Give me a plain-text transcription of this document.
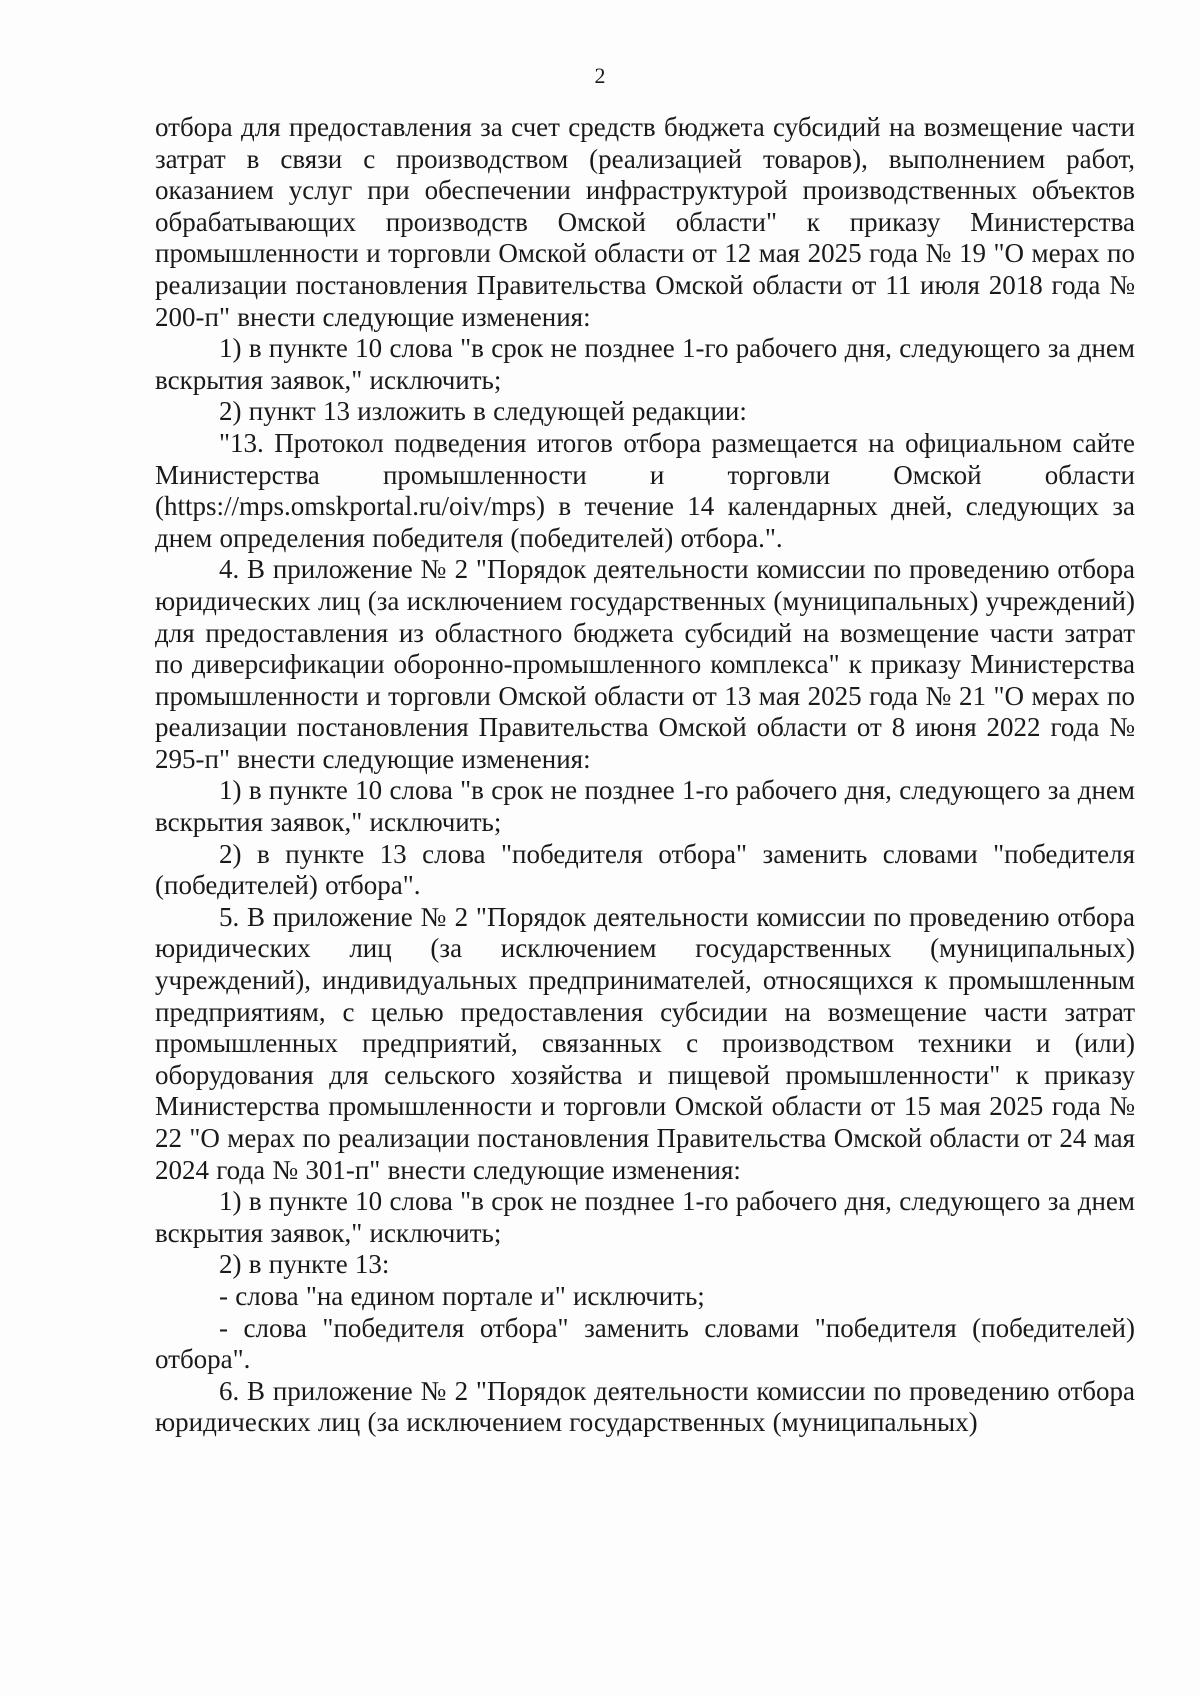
2

отбора для предоставления за счет средств бюджета субсидий на возмещение части затрат в связи с производством (реализацией товаров), выполнением работ, оказанием услуг при обеспечении инфраструктурой производственных объектов обрабатывающих производств Омской области" к приказу Министерства промышленности и торговли Омской области от 12 мая 2025 года № 19 "О мерах по реализации постановления Правительства Омской области от 11 июля 2018 года № 200-п" внести следующие изменения:

1) в пункте 10 слова "в срок не позднее 1-го рабочего дня, следующего за днем вскрытия заявок," исключить;

2) пункт 13 изложить в следующей редакции:

"13. Протокол подведения итогов отбора размещается на официальном сайте Министерства промышленности и торговли Омской области (https://mps.omskportal.ru/oiv/mps) в течение 14 календарных дней, следующих за днем определения победителя (победителей) отбора.".

4. В приложение № 2 "Порядок деятельности комиссии по проведению отбора юридических лиц (за исключением государственных (муниципальных) учреждений) для предоставления из областного бюджета субсидий на возмещение части затрат по диверсификации оборонно-промышленного комплекса" к приказу Министерства промышленности и торговли Омской области от 13 мая 2025 года № 21 "О мерах по реализации постановления Правительства Омской области от 8 июня 2022 года № 295-п" внести следующие изменения:

1) в пункте 10 слова "в срок не позднее 1-го рабочего дня, следующего за днем вскрытия заявок," исключить;

2) в пункте 13 слова "победителя отбора" заменить словами "победителя (победителей) отбора".

5. В приложение № 2 "Порядок деятельности комиссии по проведению отбора юридических лиц (за исключением государственных (муниципальных) учреждений), индивидуальных предпринимателей, относящихся к промышленным предприятиям, с целью предоставления субсидии на возмещение части затрат промышленных предприятий, связанных с производством техники и (или) оборудования для сельского хозяйства и пищевой промышленности" к приказу Министерства промышленности и торговли Омской области от 15 мая 2025 года № 22 "О мерах по реализации постановления Правительства Омской области от 24 мая 2024 года № 301-п" внести следующие изменения:

1) в пункте 10 слова "в срок не позднее 1-го рабочего дня, следующего за днем вскрытия заявок," исключить;

2) в пункте 13:

- слова "на едином портале и" исключить;

- слова "победителя отбора" заменить словами "победителя (победителей) отбора".

6. В приложение № 2 "Порядок деятельности комиссии по проведению отбора юридических лиц (за исключением государственных (муниципальных)
